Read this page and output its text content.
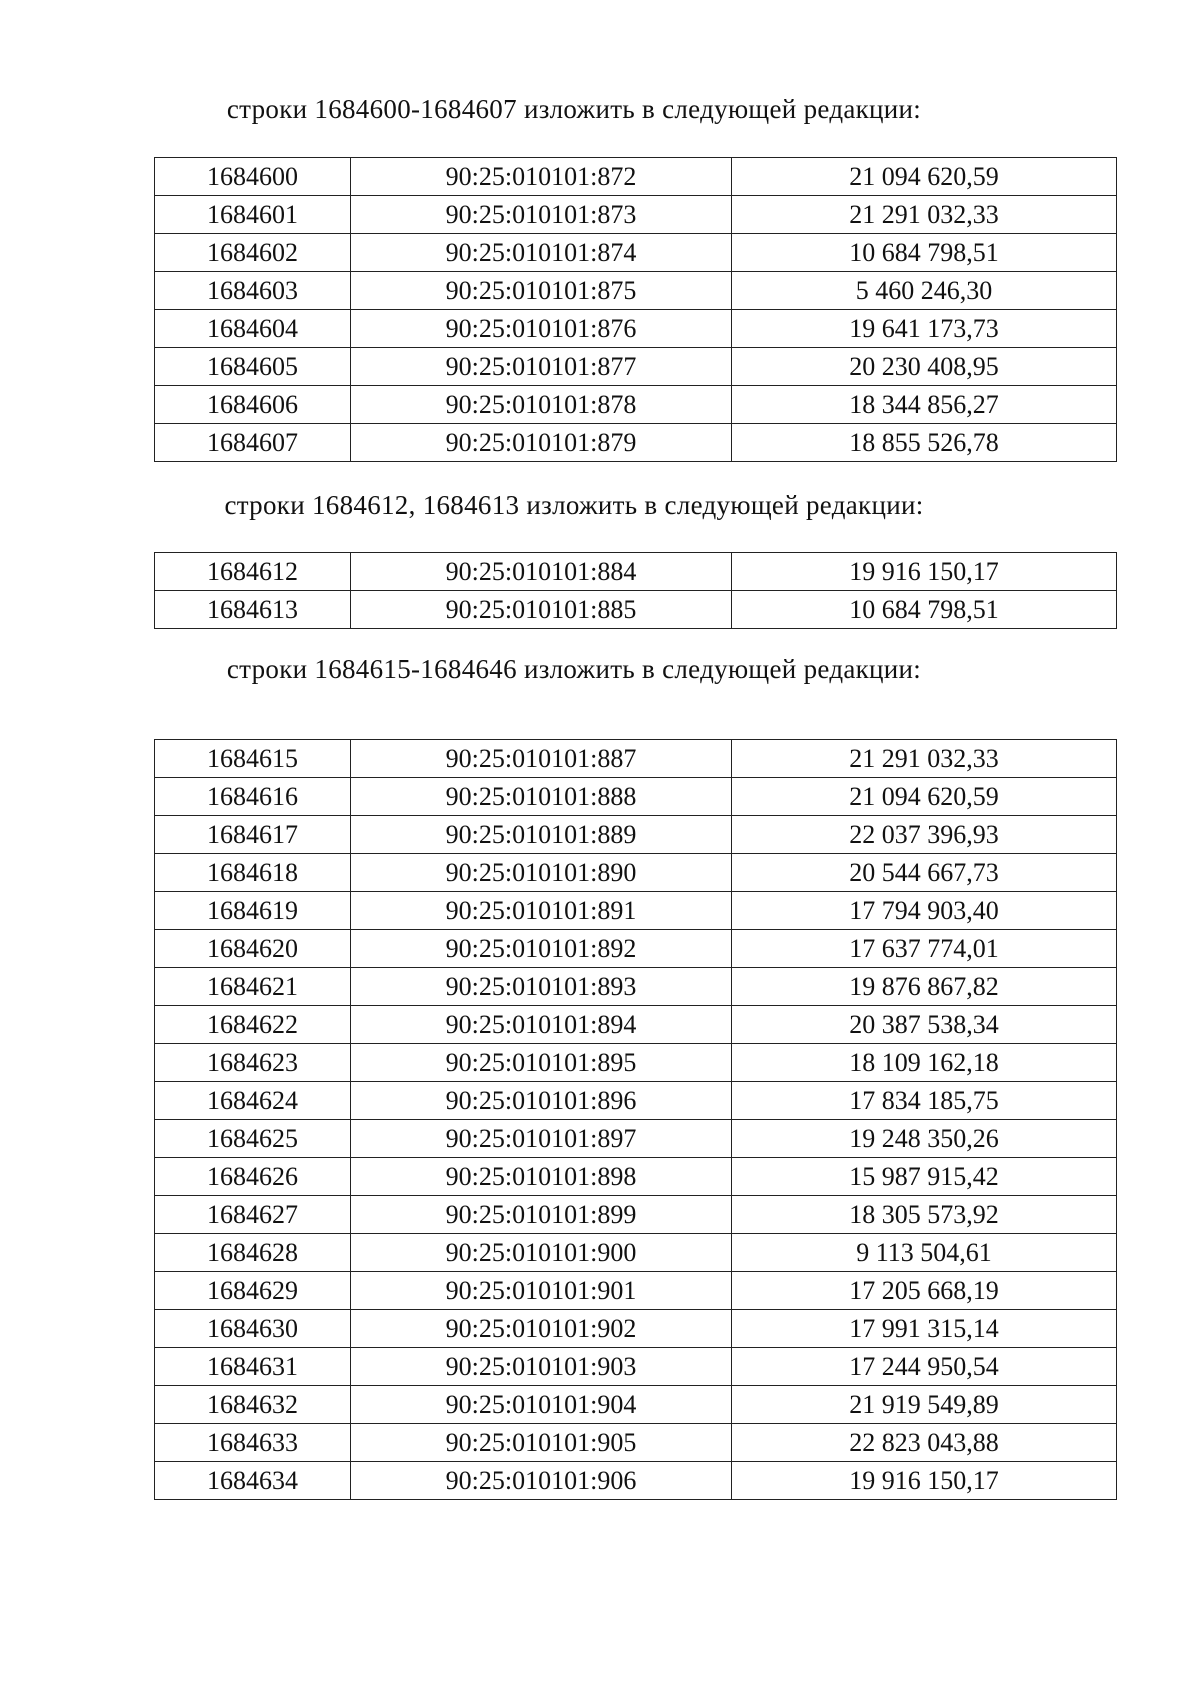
строки 1684600-1684607 изложить в следующей редакции:

1684600	90:25:010101:872	21 094 620,59
1684601	90:25:010101:873	21 291 032,33
1684602	90:25:010101:874	10 684 798,51
1684603	90:25:010101:875	5 460 246,30
1684604	90:25:010101:876	19 641 173,73
1684605	90:25:010101:877	20 230 408,95
1684606	90:25:010101:878	18 344 856,27
1684607	90:25:010101:879	18 855 526,78

строки 1684612, 1684613 изложить в следующей редакции:

1684612	90:25:010101:884	19 916 150,17
1684613	90:25:010101:885	10 684 798,51

строки 1684615-1684646 изложить в следующей редакции:

1684615	90:25:010101:887	21 291 032,33
1684616	90:25:010101:888	21 094 620,59
1684617	90:25:010101:889	22 037 396,93
1684618	90:25:010101:890	20 544 667,73
1684619	90:25:010101:891	17 794 903,40
1684620	90:25:010101:892	17 637 774,01
1684621	90:25:010101:893	19 876 867,82
1684622	90:25:010101:894	20 387 538,34
1684623	90:25:010101:895	18 109 162,18
1684624	90:25:010101:896	17 834 185,75
1684625	90:25:010101:897	19 248 350,26
1684626	90:25:010101:898	15 987 915,42
1684627	90:25:010101:899	18 305 573,92
1684628	90:25:010101:900	9 113 504,61
1684629	90:25:010101:901	17 205 668,19
1684630	90:25:010101:902	17 991 315,14
1684631	90:25:010101:903	17 244 950,54
1684632	90:25:010101:904	21 919 549,89
1684633	90:25:010101:905	22 823 043,88
1684634	90:25:010101:906	19 916 150,17
